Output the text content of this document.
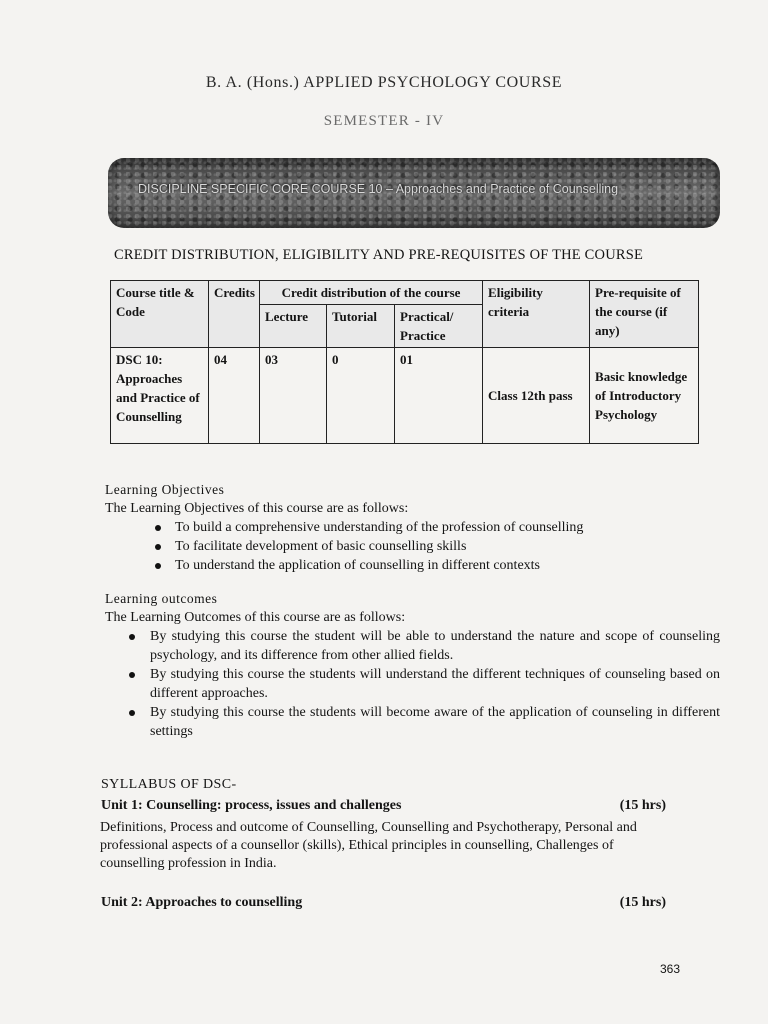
B. A. (Hons.) APPLIED PSYCHOLOGY COURSE
SEMESTER - IV
DISCIPLINE SPECIFIC CORE COURSE 10 – Approaches and Practice of Counselling
CREDIT DISTRIBUTION, ELIGIBILITY AND PRE-REQUISITES OF THE COURSE
Course title & Code	Credits	Credit distribution of the course			Eligibility criteria	Pre-requisite of the course (if any)
		Lecture	Tutorial	Practical/ Practice		
DSC 10: Approaches and Practice of Counselling	04	03	0	01	Class 12th pass	Basic knowledge of Introductory Psychology
Learning Objectives
The Learning Objectives of this course are as follows:
To build a comprehensive understanding of the profession of counselling
To facilitate development of basic counselling skills
To understand the application of counselling in different contexts
Learning outcomes
The Learning Outcomes of this course are as follows:
By studying this course the student will be able to understand the nature and scope of counseling psychology, and its difference from other allied fields.
By studying this course the students will understand the different techniques of counseling based on different approaches.
By studying this course the students will become aware of the application of counseling in different settings
SYLLABUS OF DSC-
Unit 1: Counselling: process, issues and challenges	(15 hrs)
Definitions, Process and outcome of Counselling, Counselling and Psychotherapy, Personal and professional aspects of a counsellor (skills), Ethical principles in counselling, Challenges of counselling profession in India.
Unit 2: Approaches to counselling	(15 hrs)
363
